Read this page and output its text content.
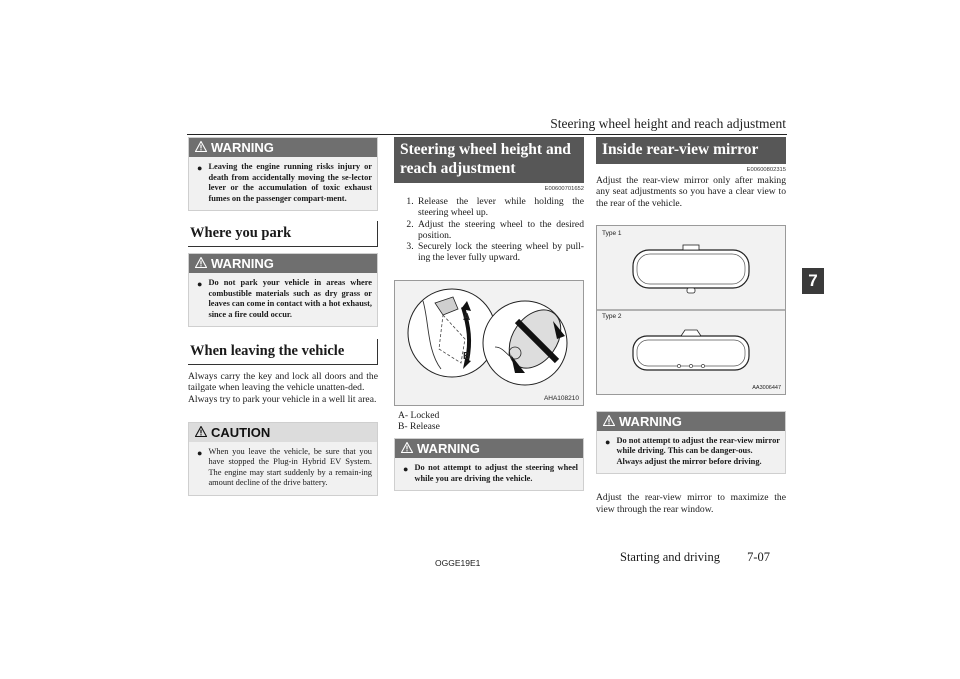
Steering wheel height and reach adjustment
7
WARNING
● Leaving the engine running risks injury or death from accidentally moving the se-lector lever or the accumulation of toxic exhaust fumes on the passenger compart-ment.
Where you park
WARNING
● Do not park your vehicle in areas where combustible materials such as dry grass or leaves can come in contact with a hot exhaust, since a fire could occur.
When leaving the vehicle
Always carry the key and lock all doors and the tailgate when leaving the vehicle unatten-ded.
Always try to park your vehicle in a well lit area.
CAUTION
● When you leave the vehicle, be sure that you have stopped the Plug-in Hybrid EV System. The engine may start suddenly by a remain-ing amount decline of the drive battery.
Steering wheel height and reach adjustment
E00600701652
1. Release the lever while holding the steering wheel up.
2. Adjust the steering wheel to the desired position.
3. Securely lock the steering wheel by pull-ing the lever fully upward.
A
B
AHA108210
A- Locked
B- Release
WARNING
● Do not attempt to adjust the steering wheel while you are driving the vehicle.
Inside rear-view mirror
E00600802315
Adjust the rear-view mirror only after making any seat adjustments so you have a clear view to the rear of the vehicle.
Type 1
Type 2
AA3006447
WARNING
● Do not attempt to adjust the rear-view mirror while driving. This can be danger-ous.
Always adjust the mirror before driving.
Adjust the rear-view mirror to maximize the view through the rear window.
OGGE19E1	Starting and driving 7-07
